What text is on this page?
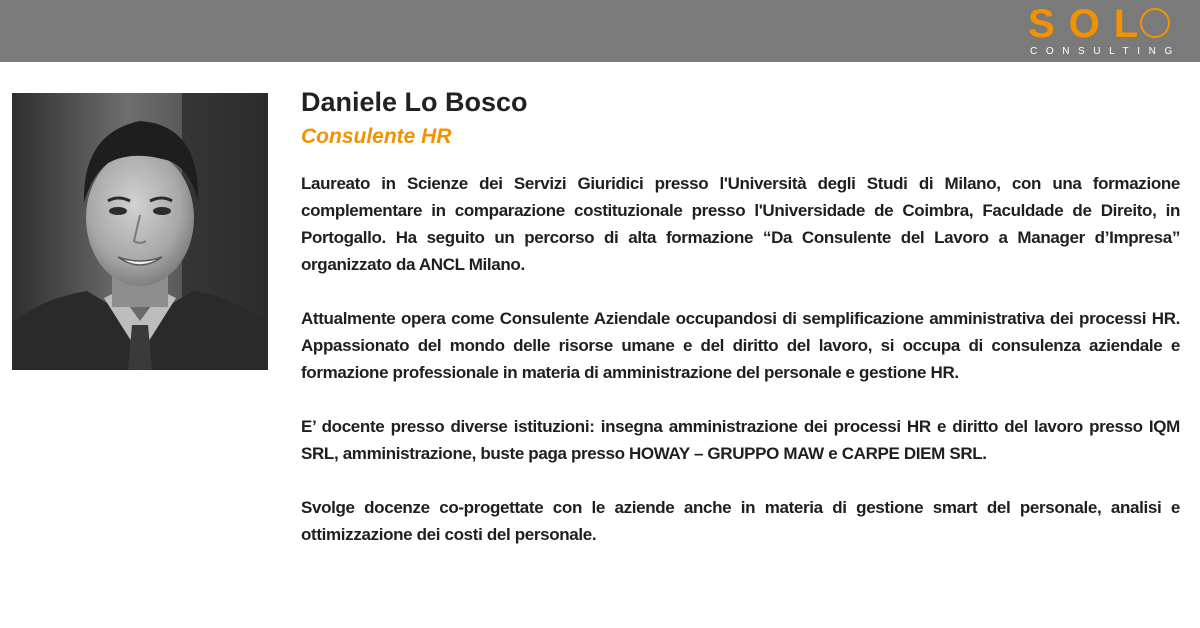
SOL
CONSULTING
Daniele Lo Bosco
Consulente HR

Laureato in Scienze dei Servizi Giuridici presso l'Università degli Studi di Milano, con una formazione complementare in comparazione costituzionale presso l'Universidade de Coimbra, Faculdade de Direito, in Portogallo. Ha seguito un percorso di alta formazione “Da Consulente del Lavoro a Manager d’Impresa” organizzato da ANCL Milano.

Attualmente opera come Consulente Aziendale occupandosi di semplificazione amministrativa dei processi HR. Appassionato del mondo delle risorse umane e del diritto del lavoro, si occupa di consulenza aziendale e formazione professionale in materia di amministrazione del personale e gestione HR.

E’ docente presso diverse istituzioni: insegna amministrazione dei processi HR e diritto del lavoro presso IQM SRL, amministrazione, buste paga presso HOWAY – GRUPPO MAW e CARPE DIEM SRL.

Svolge docenze co-progettate con le aziende anche in materia di gestione smart del personale, analisi e ottimizzazione dei costi del personale.
